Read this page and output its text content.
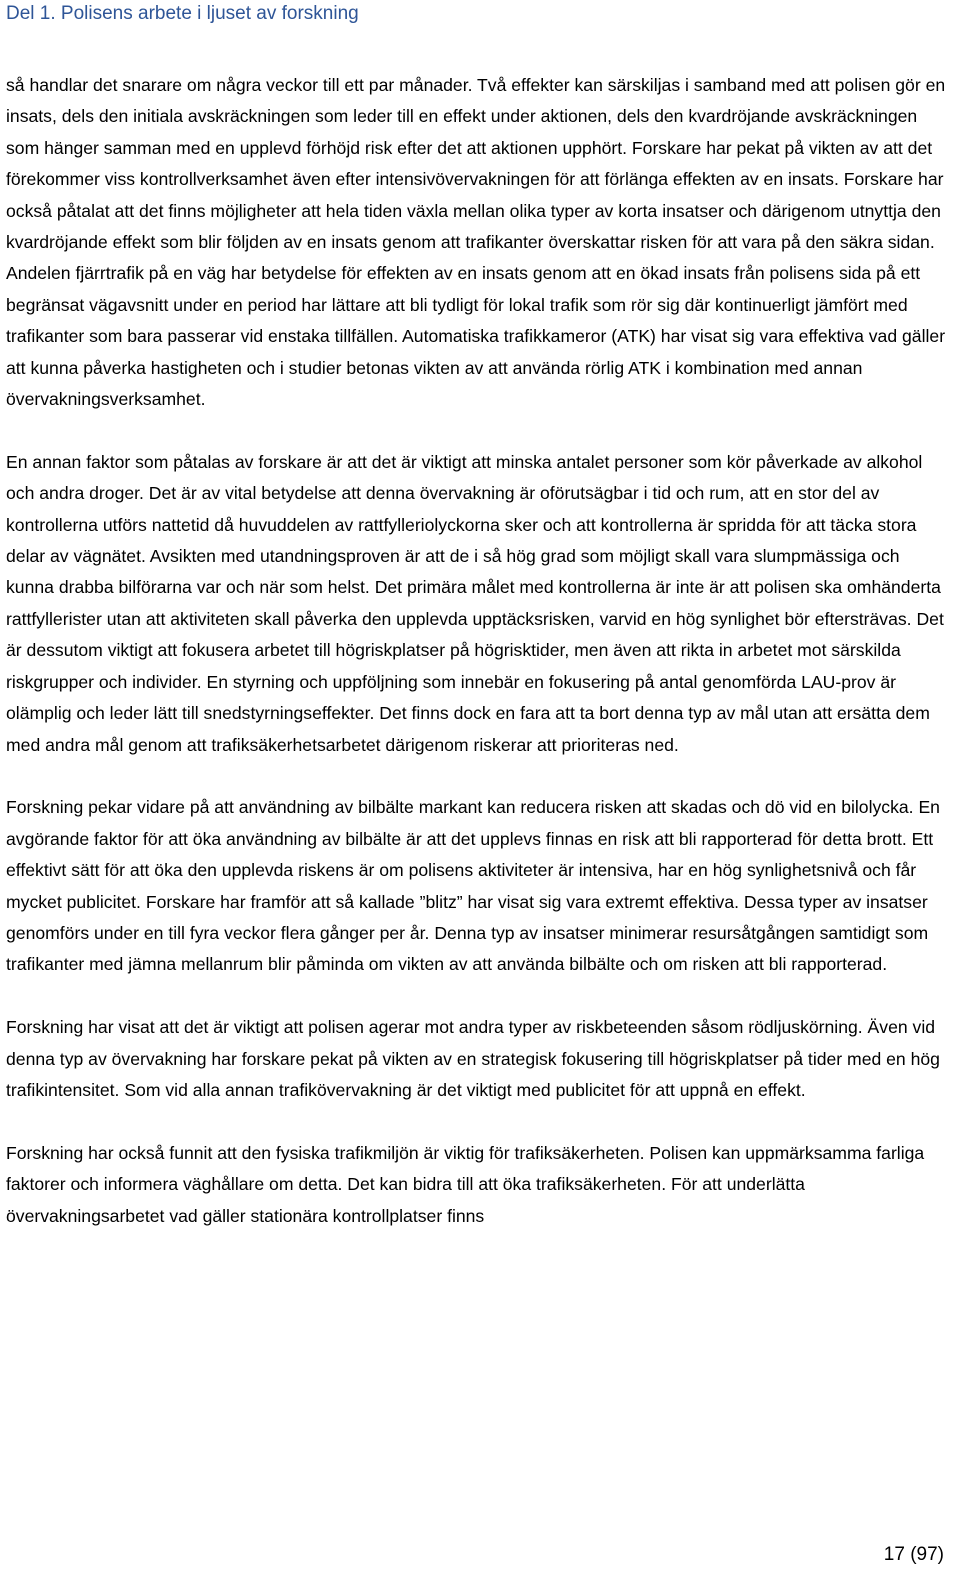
Del 1. Polisens arbete i ljuset av forskning

så handlar det snarare om några veckor till ett par månader. Två effekter kan särskiljas i samband med att polisen gör en insats, dels den initiala avskräckningen som leder till en effekt under aktionen, dels den kvardröjande avskräckningen som hänger samman med en upplevd förhöjd risk efter det att aktionen upphört. Forskare har pekat på vikten av att det förekommer viss kontrollverksamhet även efter intensivövervakningen för att förlänga effekten av en insats. Forskare har också påtalat att det finns möjligheter att hela tiden växla mellan olika typer av korta insatser och därigenom utnyttja den kvardröjande effekt som blir följden av en insats genom att trafikanter överskattar risken för att vara på den säkra sidan. Andelen fjärrtrafik på en väg har betydelse för effekten av en insats genom att en ökad insats från polisens sida på ett begränsat vägavsnitt under en period har lättare att bli tydligt för lokal trafik som rör sig där kontinuerligt jämfört med trafikanter som bara passerar vid enstaka tillfällen. Automatiska trafikkameror (ATK) har visat sig vara effektiva vad gäller att kunna påverka hastigheten och i studier betonas vikten av att använda rörlig ATK i kombination med annan övervakningsverksamhet.

En annan faktor som påtalas av forskare är att det är viktigt att minska antalet personer som kör påverkade av alkohol och andra droger. Det är av vital betydelse att denna övervakning är oförutsägbar i tid och rum, att en stor del av kontrollerna utförs nattetid då huvuddelen av rattfylleriolyckorna sker och att kontrollerna är spridda för att täcka stora delar av vägnätet. Avsikten med utandningsproven är att de i så hög grad som möjligt skall vara slumpmässiga och kunna drabba bilförarna var och när som helst. Det primära målet med kontrollerna är inte är att polisen ska omhänderta rattfyllerister utan att aktiviteten skall påverka den upplevda upptäcksrisken, varvid en hög synlighet bör eftersträvas. Det är dessutom viktigt att fokusera arbetet till högriskplatser på högrisktider, men även att rikta in arbetet mot särskilda riskgrupper och individer. En styrning och uppföljning som innebär en fokusering på antal genomförda LAU-prov är olämplig och leder lätt till snedstyrningseffekter. Det finns dock en fara att ta bort denna typ av mål utan att ersätta dem med andra mål genom att trafiksäkerhetsarbetet därigenom riskerar att prioriteras ned.

Forskning pekar vidare på att användning av bilbälte markant kan reducera risken att skadas och dö vid en bilolycka. En avgörande faktor för att öka användning av bilbälte är att det upplevs finnas en risk att bli rapporterad för detta brott. Ett effektivt sätt för att öka den upplevda riskens är om polisens aktiviteter är intensiva, har en hög synlighetsnivå och får mycket publicitet. Forskare har framför att så kallade ”blitz” har visat sig vara extremt effektiva. Dessa typer av insatser genomförs under en till fyra veckor flera gånger per år. Denna typ av insatser minimerar resursåtgången samtidigt som trafikanter med jämna mellanrum blir påminda om vikten av att använda bilbälte och om risken att bli rapporterad.

Forskning har visat att det är viktigt att polisen agerar mot andra typer av riskbeteenden såsom rödljuskörning. Även vid denna typ av övervakning har forskare pekat på vikten av en strategisk fokusering till högriskplatser på tider med en hög trafikintensitet. Som vid alla annan trafikövervakning är det viktigt med publicitet för att uppnå en effekt.

Forskning har också funnit att den fysiska trafikmiljön är viktig för trafiksäkerheten. Polisen kan uppmärksamma farliga faktorer och informera väghållare om detta. Det kan bidra till att öka trafiksäkerheten. För att underlätta övervakningsarbetet vad gäller stationära kontrollplatser finns

17 (97)
